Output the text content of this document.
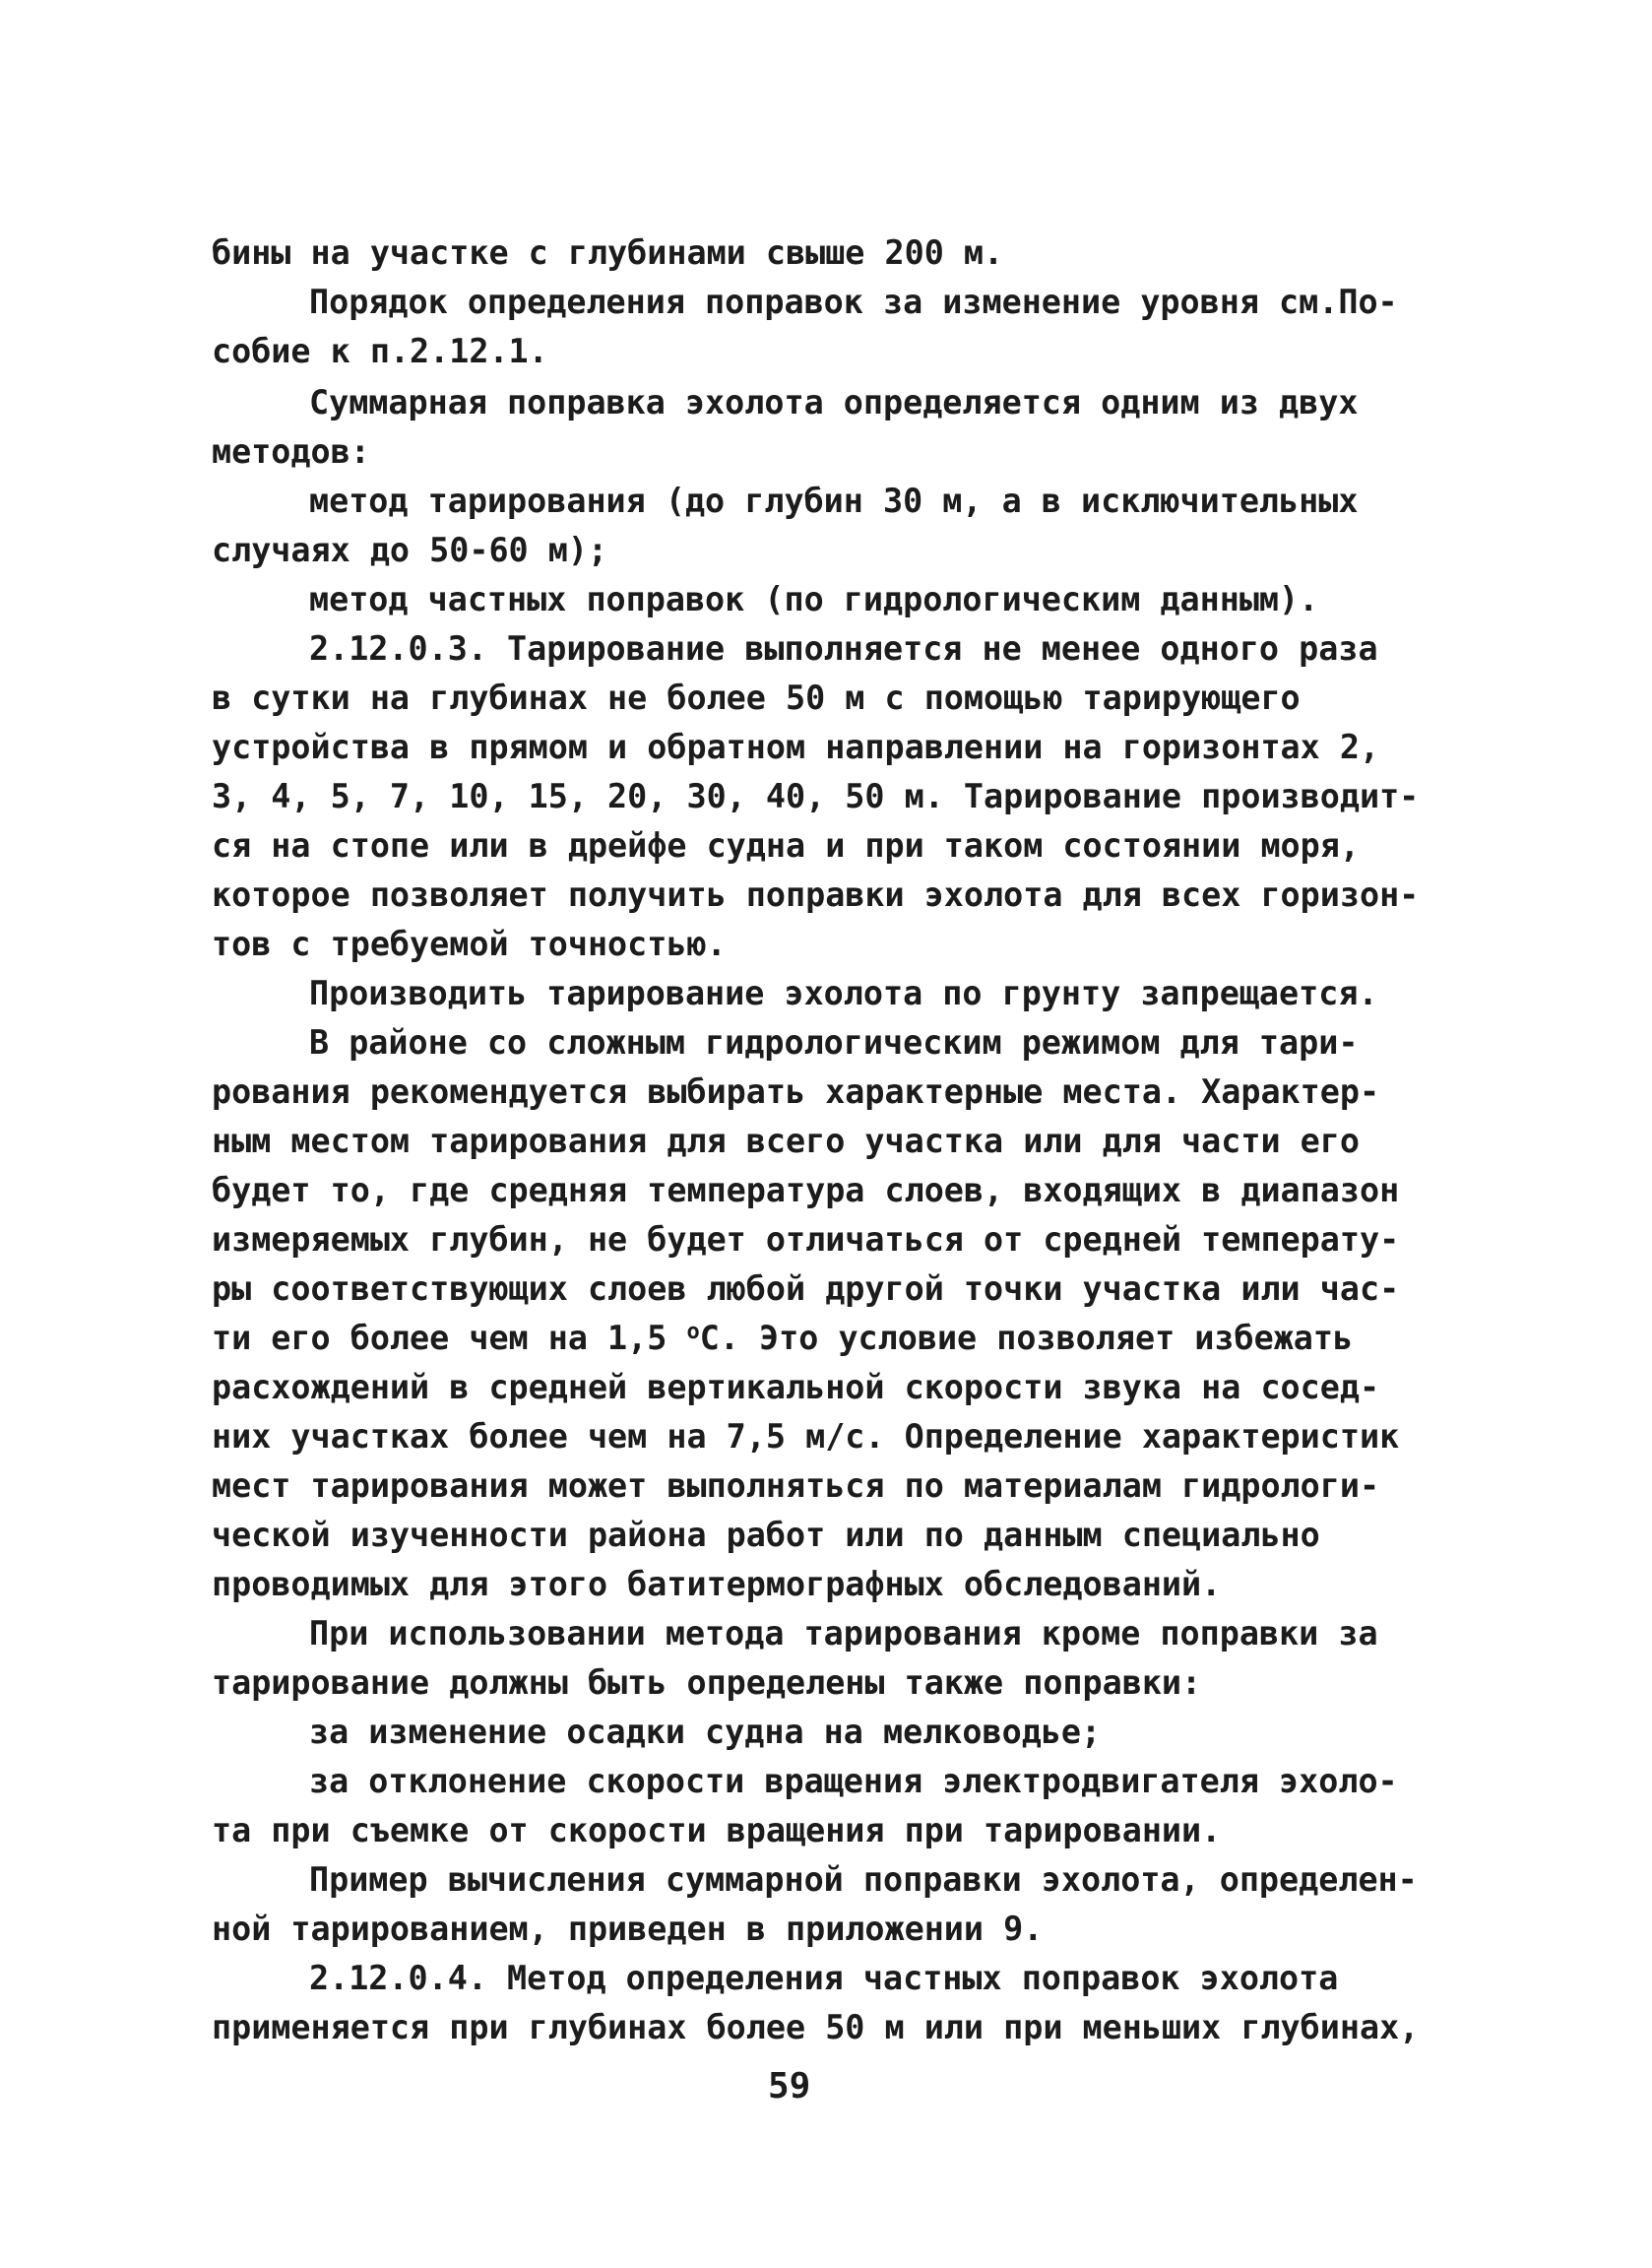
бины на участке с глубинами свыше 200 м.
Порядок определения поправок за изменение уровня см.По-
собие к п.2.12.1.
Суммарная поправка эхолота определяется одним из двух
методов:
метод тарирования (до глубин 30 м, а в исключительных
случаях до 50-60 м);
метод частных поправок (по гидрологическим данным).
2.12.0.3. Тарирование выполняется не менее одного раза
в сутки на глубинах не более 50 м с помощью тарирующего
устройства в прямом и обратном направлении на горизонтах 2,
3, 4, 5, 7, 10, 15, 20, 30, 40, 50 м. Тарирование производит-
ся на стопе или в дрейфе судна и при таком состоянии моря,
которое позволяет получить поправки эхолота для всех горизон-
тов с требуемой точностью.
Производить тарирование эхолота по грунту запрещается.
В районе со сложным гидрологическим режимом для тари-
рования рекомендуется выбирать характерные места. Характер-
ным местом тарирования для всего участка или для части его
будет то, где средняя температура слоев, входящих в диапазон
измеряемых глубин, не будет отличаться от средней температу-
ры соответствующих слоев любой другой точки участка или час-
ти его более чем на 1,5 $^о$С. Это условие позволяет избежать
расхождений в средней вертикальной скорости звука на сосед-
них участках более чем на 7,5 м/с. Определение характеристик
мест тарирования может выполняться по материалам гидрологи-
ческой изученности района работ или по данным специально
проводимых для этого батитермографных обследований.
При использовании метода тарирования кроме поправки за
тарирование должны быть определены также поправки:
за изменение осадки судна на мелководье;
за отклонение скорости вращения электродвигателя эхоло-
та при съемке от скорости вращения при тарировании.
Пример вычисления суммарной поправки эхолота, определен-
ной тарированием, приведен в приложении 9.
2.12.0.4. Метод определения частных поправок эхолота
применяется при глубинах более 50 м или при меньших глубинах,
59
